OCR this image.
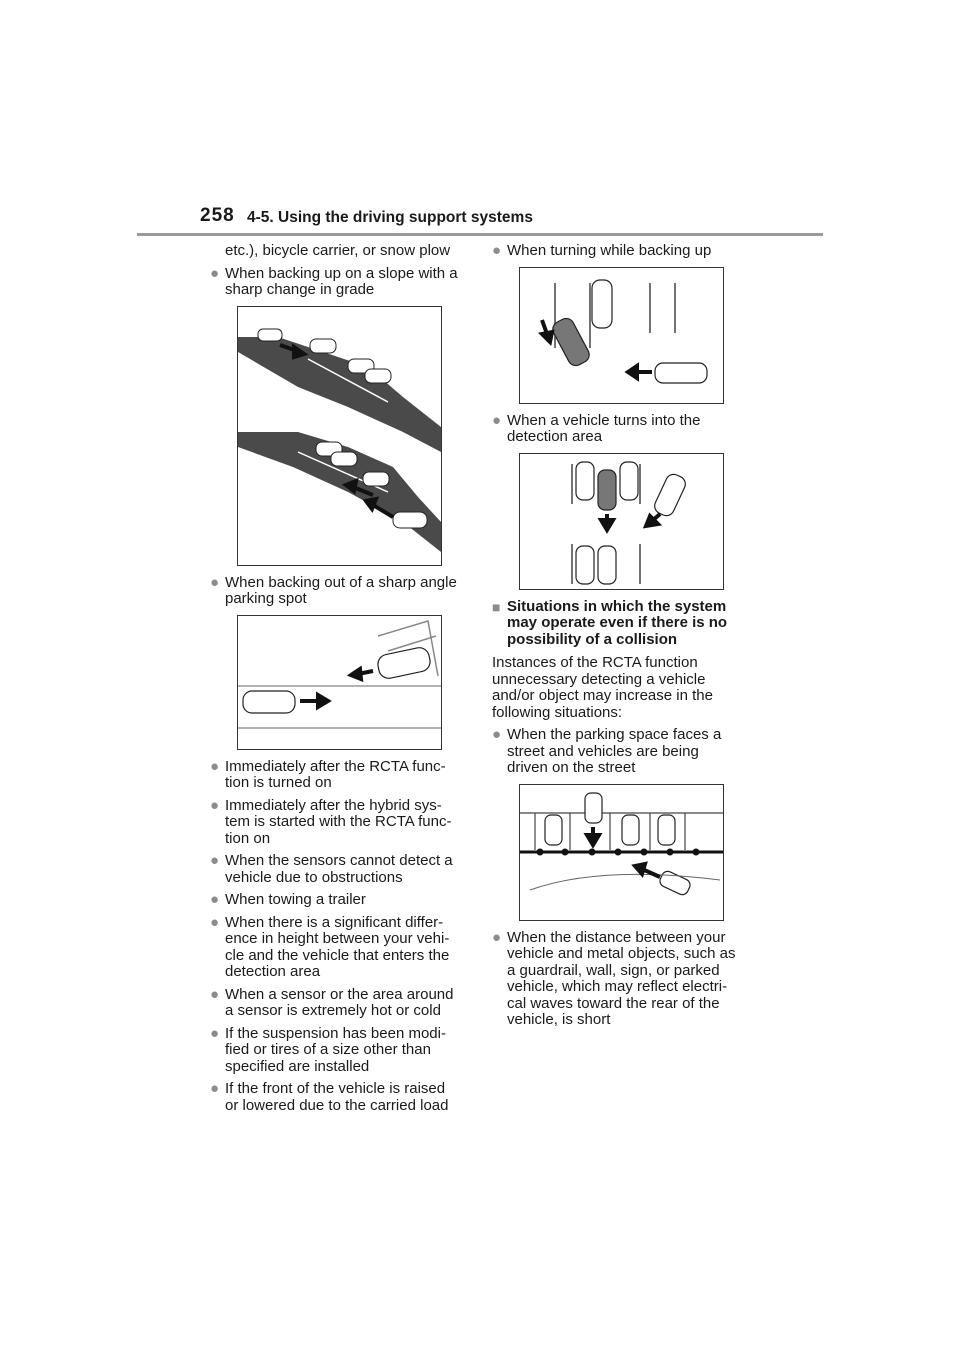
258 4-5. Using the driving support systems

etc.), bicycle carrier, or snow plow

● When backing up on a slope with a sharp change in grade
● When backing out of a sharp angle parking spot
● Immediately after the RCTA func-tion is turned on
● Immediately after the hybrid sys-tem is started with the RCTA func-tion on
● When the sensors cannot detect a vehicle due to obstructions
● When towing a trailer
● When there is a significant differ-ence in height between your vehi-cle and the vehicle that enters the detection area
● When a sensor or the area around a sensor is extremely hot or cold
● If the suspension has been modi-fied or tires of a size other than specified are installed
● If the front of the vehicle is raised or lowered due to the carried load
● When turning while backing up
● When a vehicle turns into the detection area
■ Situations in which the system may operate even if there is no possibility of a collision

Instances of the RCTA function unnecessary detecting a vehicle and/or object may increase in the following situations:

● When the parking space faces a street and vehicles are being driven on the street
● When the distance between your vehicle and metal objects, such as a guardrail, wall, sign, or parked vehicle, which may reflect electri-cal waves toward the rear of the vehicle, is short
